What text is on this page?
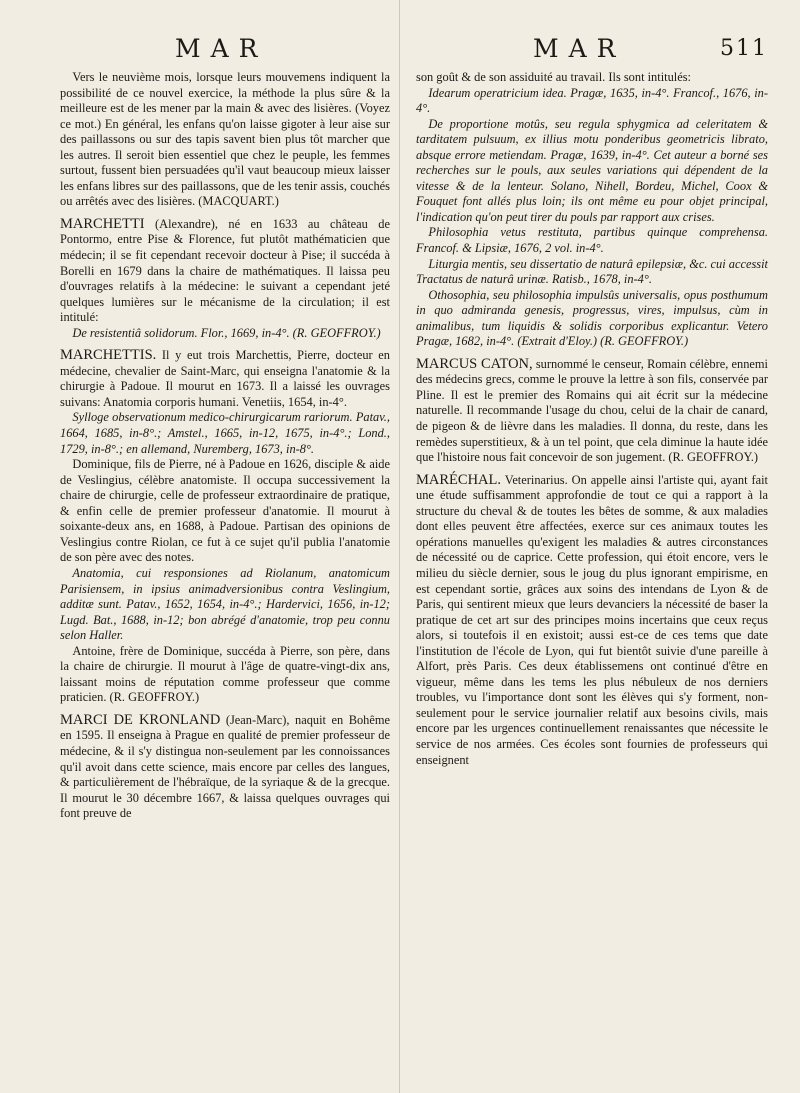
MAR	MAR	511

Vers le neuvième mois, lorsque leurs mouvemens indiquent la possibilité de ce nouvel exercice, la méthode la plus sûre & la meilleure est de les mener par la main & avec des lisières. (Voyez ce mot.) En général, les enfans qu'on laisse gigoter à leur aise sur des paillassons ou sur des tapis savent bien plus tôt marcher que les autres. Il seroit bien essentiel que chez le peuple, les femmes surtout, fussent bien persuadées qu'il vaut beaucoup mieux laisser les enfans libres sur des paillassons, que de les tenir assis, couchés ou arrêtés avec des lisières. (MACQUART.)

MARCHETTI (Alexandre), né en 1633 au château de Pontormo, entre Pise & Florence, fut plutôt mathématicien que médecin; il se fit cependant recevoir docteur à Pise; il succéda à Borelli en 1679 dans la chaire de mathématiques. Il laissa peu d'ouvrages relatifs à la médecine: le suivant a cependant jeté quelques lumières sur le mécanisme de la circulation; il est intitulé:

De resistentiâ solidorum. Flor., 1669, in-4°. (R. GEOFFROY.)

MARCHETTIS. Il y eut trois Marchettis, Pierre, docteur en médecine, chevalier de Saint-Marc, qui enseigna l'anatomie & la chirurgie à Padoue. Il mourut en 1673. Il a laissé les ouvrages suivans: Anatomia corporis humani. Venetiis, 1654, in-4°.

Sylloge observationum medico-chirurgicarum rariorum. Patav., 1664, 1685, in-8°.; Amstel., 1665, in-12, 1675, in-4°.; Lond., 1729, in-8°.; en allemand, Nuremberg, 1673, in-8°.

Dominique, fils de Pierre, né à Padoue en 1626, disciple & aide de Veslingius, célèbre anatomiste. Il occupa successivement la chaire de chirurgie, celle de professeur extraordinaire de pratique, & enfin celle de premier professeur d'anatomie. Il mourut à soixante-deux ans, en 1688, à Padoue. Partisan des opinions de Veslingius contre Riolan, ce fut à ce sujet qu'il publia l'anatomie de son père avec des notes.

Anatomia, cui responsiones ad Riolanum, anatomicum Parisiensem, in ipsius animadversionibus contra Veslingium, additæ sunt. Patav., 1652, 1654, in-4°.; Hardervici, 1656, in-12; Lugd. Bat., 1688, in-12; bon abrégé d'anatomie, trop peu connu selon Haller.

Antoine, frère de Dominique, succéda à Pierre, son père, dans la chaire de chirurgie. Il mourut à l'âge de quatre-vingt-dix ans, laissant moins de réputation comme professeur que comme praticien. (R. GEOFFROY.)

MARCI DE KRONLAND (Jean-Marc), naquit en Bohême en 1595. Il enseigna à Prague en qualité de premier professeur de médecine, & il s'y distingua non-seulement par les connoissances qu'il avoit dans cette science, mais encore par celles des langues, & particulièrement de l'hébraïque, de la syriaque & de la grecque. Il mourut le 30 décembre 1667, & laissa quelques ouvrages qui font preuve de

son goût & de son assiduité au travail. Ils sont intitulés:

Idearum operatricium idea. Pragæ, 1635, in-4°. Francof., 1676, in-4°.

De proportione motûs, seu regula sphygmica ad celeritatem & tarditatem pulsuum, ex illius motu ponderibus geometricis librato, absque errore metiendam. Pragæ, 1639, in-4°. Cet auteur a borné ses recherches sur le pouls, aux seules variations qui dépendent de la vitesse & de la lenteur. Solano, Nihell, Bordeu, Michel, Coox & Fouquet font allés plus loin; ils ont même eu pour objet principal, l'indication qu'on peut tirer du pouls par rapport aux crises.

Philosophia vetus restituta, partibus quinque comprehensa. Francof. & Lipsiæ, 1676, 2 vol. in-4°.

Liturgia mentis, seu dissertatio de naturâ epilepsiæ, &c. cui accessit Tractatus de naturâ urinæ. Ratisb., 1678, in-4°.

Othosophia, seu philosophia impulsûs universalis, opus posthumum in quo admiranda genesis, progressus, vires, impulsus, cùm in animalibus, tum liquidis & solidis corporibus explicantur. Vetero Pragæ, 1682, in-4°. (Extrait d'Eloy.) (R. GEOFFROY.)

MARCUS CATON, surnommé le censeur, Romain célèbre, ennemi des médecins grecs, comme le prouve la lettre à son fils, conservée par Pline. Il est le premier des Romains qui ait écrit sur la médecine naturelle. Il recommande l'usage du chou, celui de la chair de canard, de pigeon & de lièvre dans les maladies. Il donna, du reste, dans les remèdes superstitieux, & à un tel point, que cela diminue la haute idée que l'histoire nous fait concevoir de son jugement. (R. GEOFFROY.)

MARÉCHAL. Veterinarius. On appelle ainsi l'artiste qui, ayant fait une étude suffisamment approfondie de tout ce qui a rapport à la structure du cheval & de toutes les bêtes de somme, & aux maladies dont elles peuvent être affectées, exerce sur ces animaux toutes les opérations manuelles qu'exigent les maladies & autres circonstances de nécessité ou de caprice. Cette profession, qui étoit encore, vers le milieu du siècle dernier, sous le joug du plus ignorant empirisme, en est cependant sortie, grâces aux soins des intendans de Lyon & de Paris, qui sentirent mieux que leurs devanciers la nécessité de baser la pratique de cet art sur des principes moins incertains que ceux reçus alors, si toutefois il en existoit; aussi est-ce de ces tems que date l'institution de l'école de Lyon, qui fut bientôt suivie d'une pareille à Alfort, près Paris. Ces deux établissemens ont continué d'être en vigueur, même dans les tems les plus nébuleux de nos derniers troubles, vu l'importance dont sont les élèves qui s'y forment, non-seulement pour le service journalier relatif aux besoins civils, mais encore par les urgences continuellement renaissantes que nécessite le service de nos armées. Ces écoles sont fournies de professeurs qui enseignent
